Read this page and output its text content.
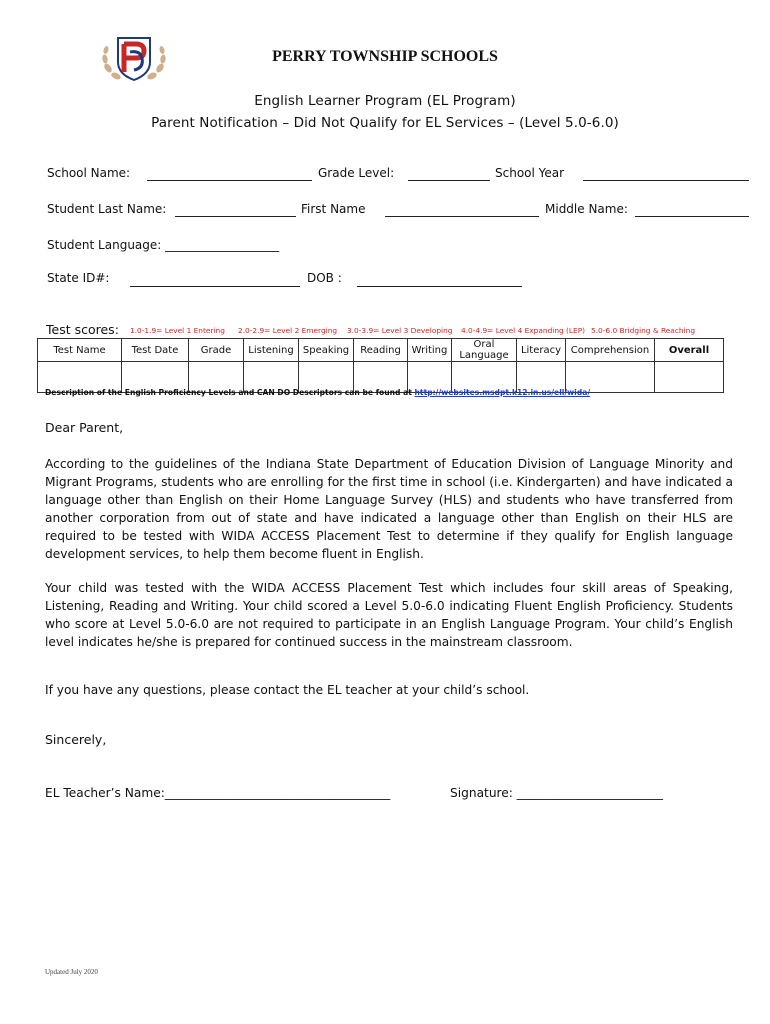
PERRY TOWNSHIP SCHOOLS
English Learner Program (EL Program)
Parent Notification – Did Not Qualify for EL Services – (Level 5.0-6.0)
School Name:	Grade Level:	School Year
Student Last Name:	First Name	Middle Name:
Student Language: ___________________
State ID#:	DOB :
Test scores: 1.0-1.9= Level 1 Entering 2.0-2.9= Level 2 Emerging 3.0-3.9= Level 3 Developing 4.0-4.9= Level 4 Expanding (LEP) 5.0-6.0 Bridging & Reaching
Test Name	Test Date	Grade	Listening	Speaking	Reading	Writing	Oral Language	Literacy	Comprehension	Overall

Description of the English Proficiency Levels and CAN DO Descriptors can be found at http://websites.msdpt.k12.in.us/ell/wida/
Dear Parent,
According to the guidelines of the Indiana State Department of Education Division of Language Minority and Migrant Programs, students who are enrolling for the first time in school (i.e. Kindergarten) and have indicated a language other than English on their Home Language Survey (HLS) and students who have transferred from another corporation from out of state and have indicated a language other than English on their HLS are required to be tested with WIDA ACCESS Placement Test to determine if they qualify for English language development services, to help them become fluent in English.
Your child was tested with the WIDA ACCESS Placement Test which includes four skill areas of Speaking, Listening, Reading and Writing. Your child scored a Level 5.0-6.0 indicating Fluent English Proficiency. Students who score at Level 5.0-6.0 are not required to participate in an English Language Program. Your child’s English level indicates he/she is prepared for continued success in the mainstream classroom.
If you have any questions, please contact the EL teacher at your child’s school.
Sincerely,
EL Teacher’s Name:_____________________________________	Signature: ________________________
Updated July 2020
